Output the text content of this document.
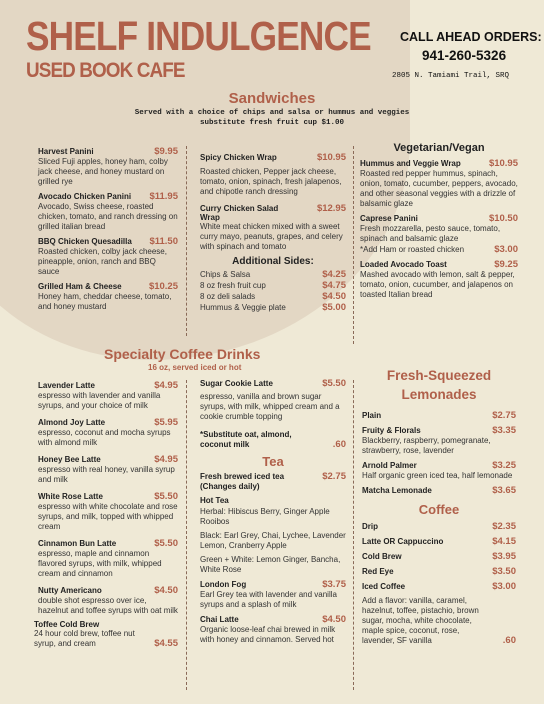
SHELF INDULGENCE
USED BOOK CAFE
CALL AHEAD ORDERS:
941-260-5326
2805 N. Tamiami Trail, SRQ
Sandwiches
Served with a choice of chips and salsa or hummus and veggies
substitute fresh fruit cup $1.00
Harvest Panini	$9.95
Sliced Fuji apples, honey ham, colby jack cheese, and honey mustard on grilled rye
Avocado Chicken Panini $11.95
Avocado, Swiss cheese, roasted chicken, tomato, and ranch dressing on grilled italian bread
BBQ Chicken Quesadilla $11.50
Roasted chicken, colby jack cheese, pineapple, onion, ranch and BBQ sauce
Grilled Ham & Cheese	$10.25
Honey ham, cheddar cheese, tomato, and honey mustard
Spicy Chicken Wrap	$10.95
Roasted chicken, Pepper jack cheese, tomato, onion, spinach, fresh jalapenos, and chipotle ranch dressing
Curry Chicken Salad Wrap
$12.95
White meat chicken mixed with a sweet curry mayo, peanuts, grapes, and celery with spinach and tomato
Additional Sides:
Chips & Salsa	$4.25
8 oz fresh fruit cup	$4.75
8 oz deli salads	$4.50
Hummus & Veggie plate	$5.00
Vegetarian/Vegan
Hummus and Veggie Wrap	$10.95
Roasted red pepper hummus, spinach, onion, tomato, cucumber, peppers, avocado, and other seasonal veggies with a drizzle of balsamic glaze
Caprese Panini	$10.50
Fresh mozzarella, pesto sauce, tomato, spinach and balsamic glaze
*Add Ham or roasted chicken	$3.00
Loaded Avocado Toast	$9.25
Mashed avocado with lemon, salt & pepper, tomato, onion, cucumber, and jalapenos on toasted Italian bread
Specialty Coffee Drinks
16 oz, served iced or hot
Lavender Latte	$4.95
espresso with lavender and vanilla syrups, and your choice of milk
Almond Joy Latte	$5.95
espresso, coconut and mocha syrups with almond milk
Honey Bee Latte	$4.95
espresso with real honey, vanilla syrup and milk
White Rose Latte	$5.50
espresso with white chocolate and rose syrups, and milk, topped with whipped cream
Cinnamon Bun Latte	$5.50
espresso, maple and cinnamon flavored syrups, with milk, whipped cream and cinnamon
Nutty Americano	$4.50
double shot espresso over ice, hazelnut and toffee syrups with oat milk
Toffee Cold Brew
24 hour cold brew, toffee nut syrup, and cream	$4.55
Sugar Cookie Latte	$5.50
espresso, vanilla and brown sugar syrups, with milk, whipped cream and a cookie crumble topping
*Substitute oat, almond, coconut milk	.60
Tea
Fresh brewed iced tea (Changes daily)
$2.75
Hot Tea
Herbal: Hibiscus Berry, Ginger Apple Rooibos
Black: Earl Grey, Chai, Lychee, Lavender Lemon, Cranberry Apple
Green + White: Lemon Ginger, Bancha, White Rose
London Fog	$3.75
Earl Grey tea with lavender and vanilla syrups and a splash of milk
Chai Latte	$4.50
Organic loose-leaf chai brewed in milk with honey and cinnamon. Served hot
Fresh-Squeezed Lemonades
Plain	$2.75
Fruity & Florals	$3.35
Blackberry, raspberry, pomegranate, strawberry, rose, lavender
Arnold Palmer	$3.25
Half organic green iced tea, half lemonade
Matcha Lemonade	$3.65
Coffee
Drip	$2.35
Latte OR Cappuccino	$4.15
Cold Brew	$3.95
Red Eye	$3.50
Iced Coffee	$3.00
Add a flavor: vanilla, caramel, hazelnut, toffee, pistachio, brown sugar, mocha, white chocolate, maple spice, coconut, rose, lavender, SF vanilla	.60
